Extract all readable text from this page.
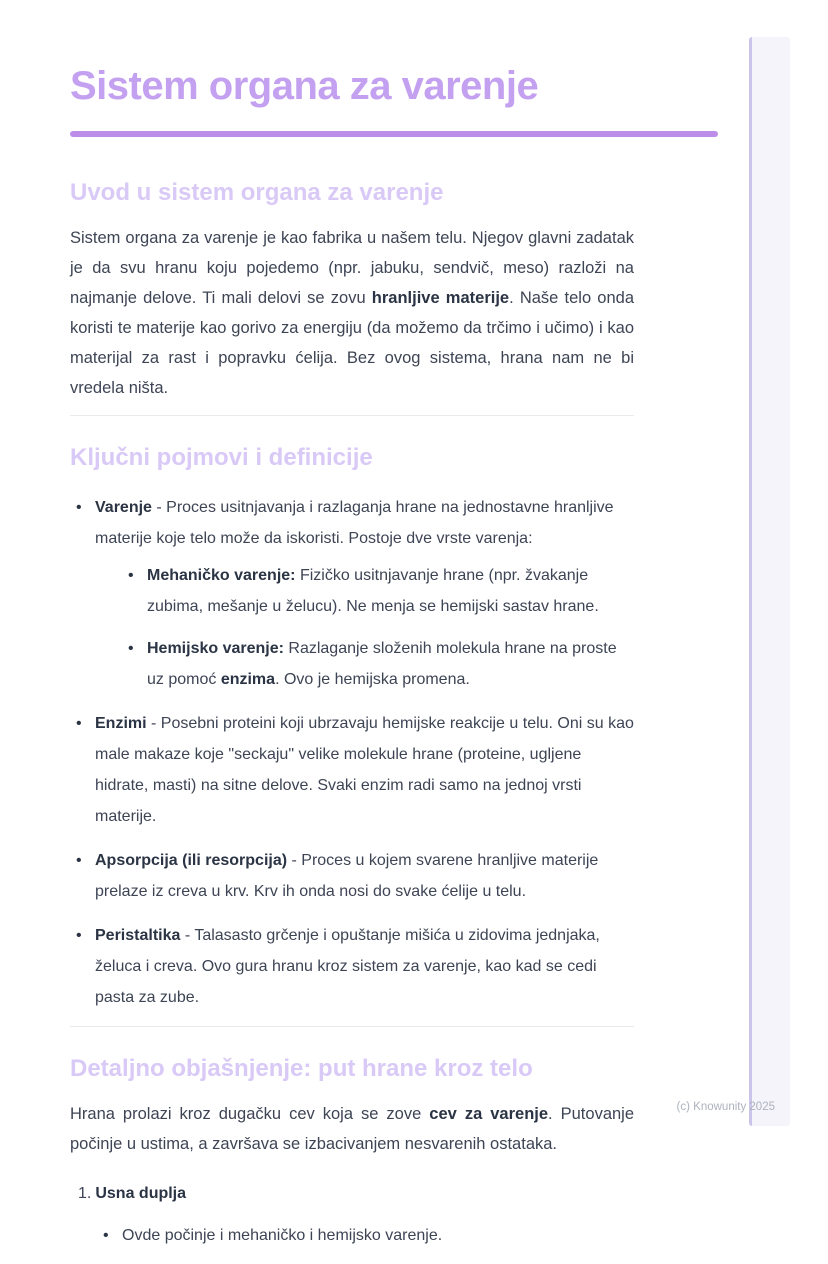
Sistem organa za varenje
Uvod u sistem organa za varenje

Sistem organa za varenje je kao fabrika u našem telu. Njegov glavni zadatak je da svu hranu koju pojedemo (npr. jabuku, sendvič, meso) razloži na najmanje delove. Ti mali delovi se zovu hranljive materije. Naše telo onda koristi te materije kao gorivo za energiju (da možemo da trčimo i učimo) i kao materijal za rast i popravku ćelija. Bez ovog sistema, hrana nam ne bi vredela ništa.

Ključni pojmovi i definicije
• Varenje - Proces usitnjavanja i razlaganja hrane na jednostavne hranljive materije koje telo može da iskoristi. Postoje dve vrste varenja:
• Mehaničko varenje: Fizičko usitnjavanje hrane (npr. žvakanje zubima, mešanje u želucu). Ne menja se hemijski sastav hrane.
• Hemijsko varenje: Razlaganje složenih molekula hrane na proste uz pomoć enzima. Ovo je hemijska promena.
• Enzimi - Posebni proteini koji ubrzavaju hemijske reakcije u telu. Oni su kao male makaze koje "seckaju" velike molekule hrane (proteine, ugljene hidrate, masti) na sitne delove. Svaki enzim radi samo na jednoj vrsti materije.
• Apsorpcija (ili resorpcija) - Proces u kojem svarene hranljive materije prelaze iz creva u krv. Krv ih onda nosi do svake ćelije u telu.
• Peristaltika - Talasasto grčenje i opuštanje mišića u zidovima jednjaka, želuca i creva. Ovo gura hranu kroz sistem za varenje, kao kad se cedi pasta za zube.
Detaljno objašnjenje: put hrane kroz telo

Hrana prolazi kroz dugačku cev koja se zove cev za varenje. Putovanje počinje u ustima, a završava se izbacivanjem nesvarenih ostataka.

1. Usna duplja
• Ovde počinje i mehaničko i hemijsko varenje.
(c) Knowunity 2025
